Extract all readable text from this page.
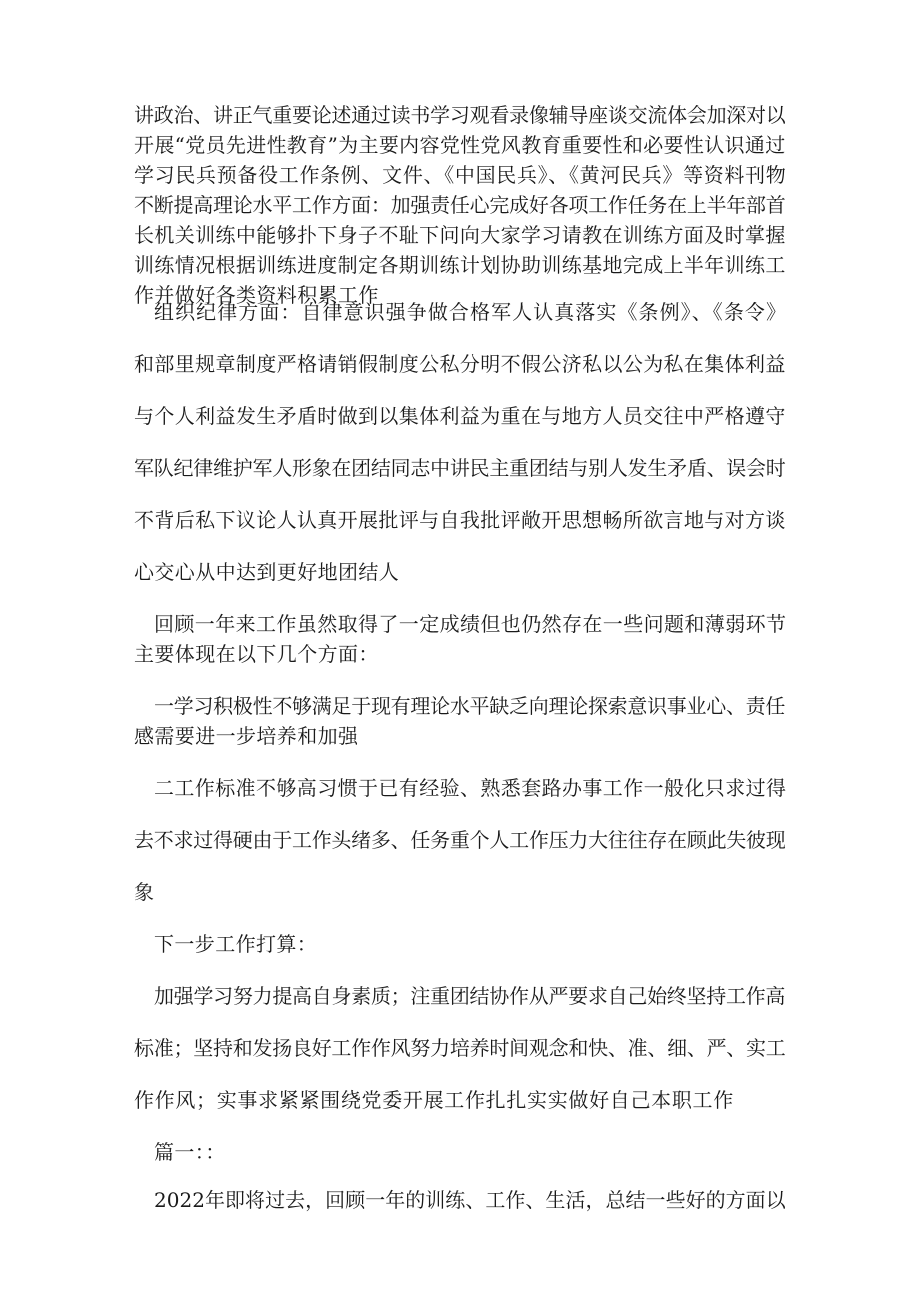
讲政治、讲正气重要论述通过读书学习观看录像辅导座谈交流体会加深对以
开展“党员先进性教育”为主要内容党性党风教育重要性和必要性认识通过
学习民兵预备役工作条例、文件、《中国民兵》、《黄河民兵》等资料刊物
不断提高理论水平工作方面：加强责任心完成好各项工作任务在上半年部首
长机关训练中能够扑下身子不耻下问向大家学习请教在训练方面及时掌握
训练情况根据训练进度制定各期训练计划协助训练基地完成上半年训练工
作并做好各类资料积累工作
组织纪律方面：自律意识强争做合格军人认真落实《条例》、《条令》
和部里规章制度严格请销假制度公私分明不假公济私以公为私在集体利益
与个人利益发生矛盾时做到以集体利益为重在与地方人员交往中严格遵守
军队纪律维护军人形象在团结同志中讲民主重团结与别人发生矛盾、误会时
不背后私下议论人认真开展批评与自我批评敞开思想畅所欲言地与对方谈
心交心从中达到更好地团结人
回顾一年来工作虽然取得了一定成绩但也仍然存在一些问题和薄弱环节
主要体现在以下几个方面：
一学习积极性不够满足于现有理论水平缺乏向理论探索意识事业心、责任
感需要进一步培养和加强
二工作标准不够高习惯于已有经验、熟悉套路办事工作一般化只求过得
去不求过得硬由于工作头绪多、任务重个人工作压力大往往存在顾此失彼现
象
下一步工作打算：
加强学习努力提高自身素质；注重团结协作从严要求自己始终坚持工作高
标准；坚持和发扬良好工作作风努力培养时间观念和快、准、细、严、实工
作作风；实事求紧紧围绕党委开展工作扎扎实实做好自己本职工作
篇一：：
2022年即将过去，回顾一年的训练、工作、生活，总结一些好的方面以
